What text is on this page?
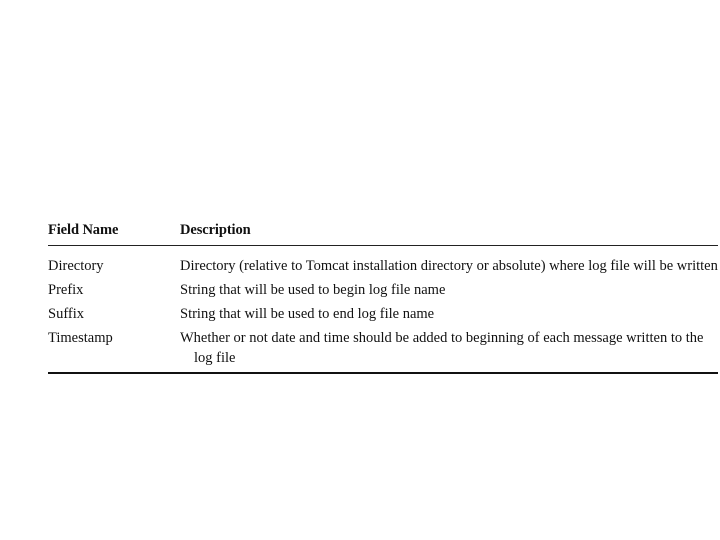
Field Name	Description
Directory	Directory (relative to Tomcat installation directory or absolute) where log file will be written
Prefix	String that will be used to begin log file name
Suffix	String that will be used to end log file name
Timestamp	Whether or not date and time should be added to beginning of each message written to the
log file
